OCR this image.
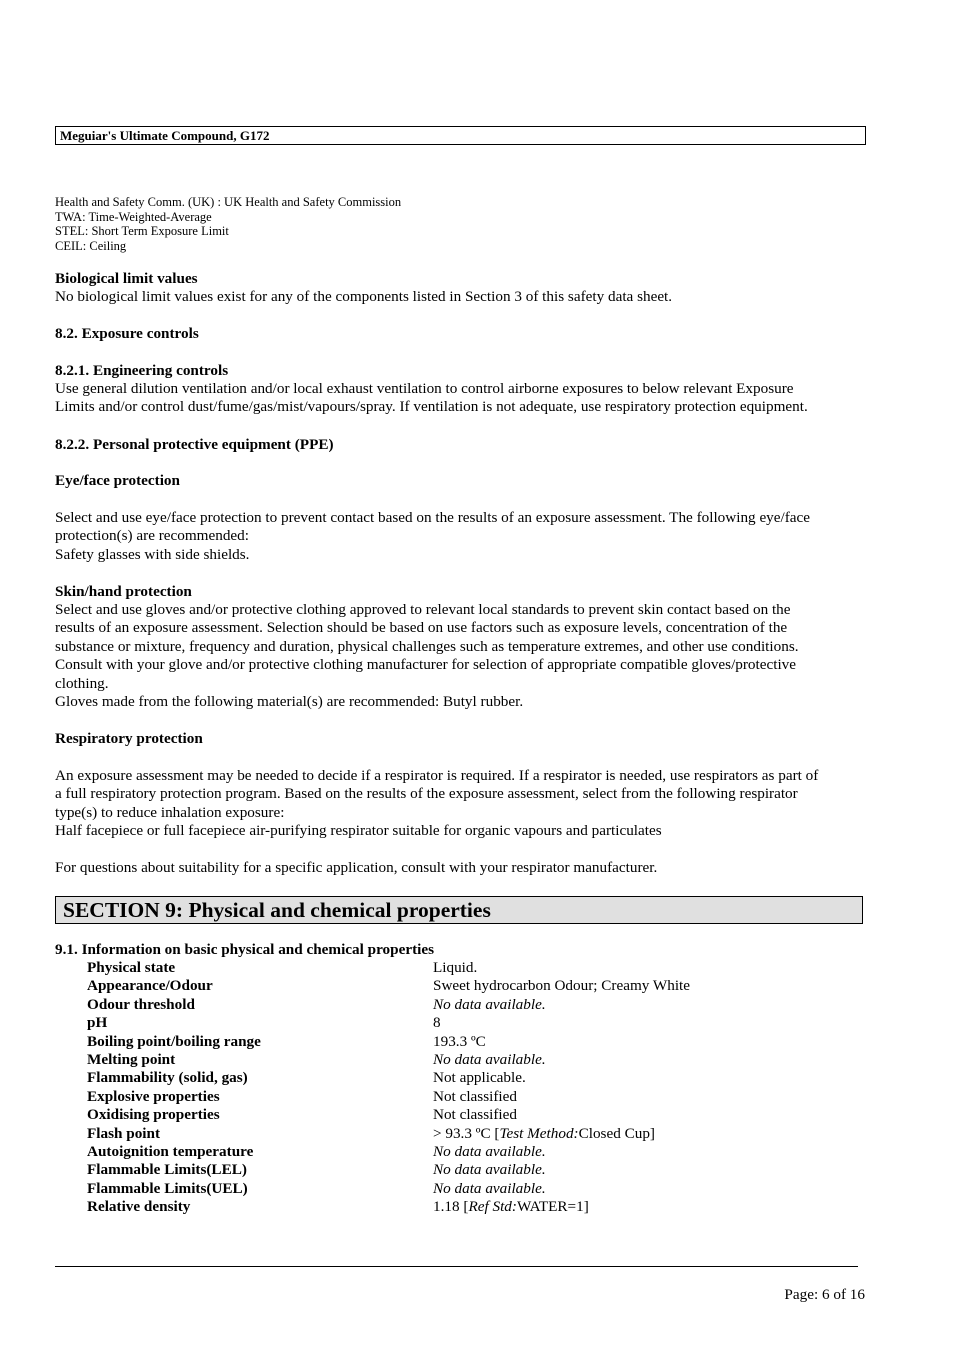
Meguiar's Ultimate Compound, G172
Health and Safety Comm. (UK) : UK Health and Safety Commission
TWA: Time-Weighted-Average
STEL: Short Term Exposure Limit
CEIL: Ceiling
Biological limit values
No biological limit values exist for any of the components listed in Section 3 of this safety data sheet.
8.2. Exposure controls
8.2.1. Engineering controls
Use general dilution ventilation and/or local exhaust ventilation to control airborne exposures to below relevant Exposure
Limits and/or control dust/fume/gas/mist/vapours/spray. If ventilation is not adequate, use respiratory protection equipment.
8.2.2. Personal protective equipment (PPE)
Eye/face protection
Select and use eye/face protection to prevent contact based on the results of an exposure assessment. The following eye/face
protection(s) are recommended:
Safety glasses with side shields.
Skin/hand protection
Select and use gloves and/or protective clothing approved to relevant local standards to prevent skin contact based on the
results of an exposure assessment. Selection should be based on use factors such as exposure levels, concentration of the
substance or mixture, frequency and duration, physical challenges such as temperature extremes, and other use conditions.
Consult with your glove and/or protective clothing manufacturer for selection of appropriate compatible gloves/protective
clothing.
Gloves made from the following material(s) are recommended: Butyl rubber.
Respiratory protection
An exposure assessment may be needed to decide if a respirator is required. If a respirator is needed, use respirators as part of
a full respiratory protection program. Based on the results of the exposure assessment, select from the following respirator
type(s) to reduce inhalation exposure:
Half facepiece or full facepiece air-purifying respirator suitable for organic vapours and particulates
For questions about suitability for a specific application, consult with your respirator manufacturer.
SECTION 9: Physical and chemical properties
9.1. Information on basic physical and chemical properties
Physical state	Liquid.
Appearance/Odour	Sweet hydrocarbon Odour; Creamy White
Odour threshold	No data available.
pH	8
Boiling point/boiling range	193.3 ºC
Melting point	No data available.
Flammability (solid, gas)	Not applicable.
Explosive properties	Not classified
Oxidising properties	Not classified
Flash point	> 93.3 ºC [Test Method:Closed Cup]
Autoignition temperature	No data available.
Flammable Limits(LEL)	No data available.
Flammable Limits(UEL)	No data available.
Relative density	1.18 [Ref Std:WATER=1]
Page: 6 of 16
